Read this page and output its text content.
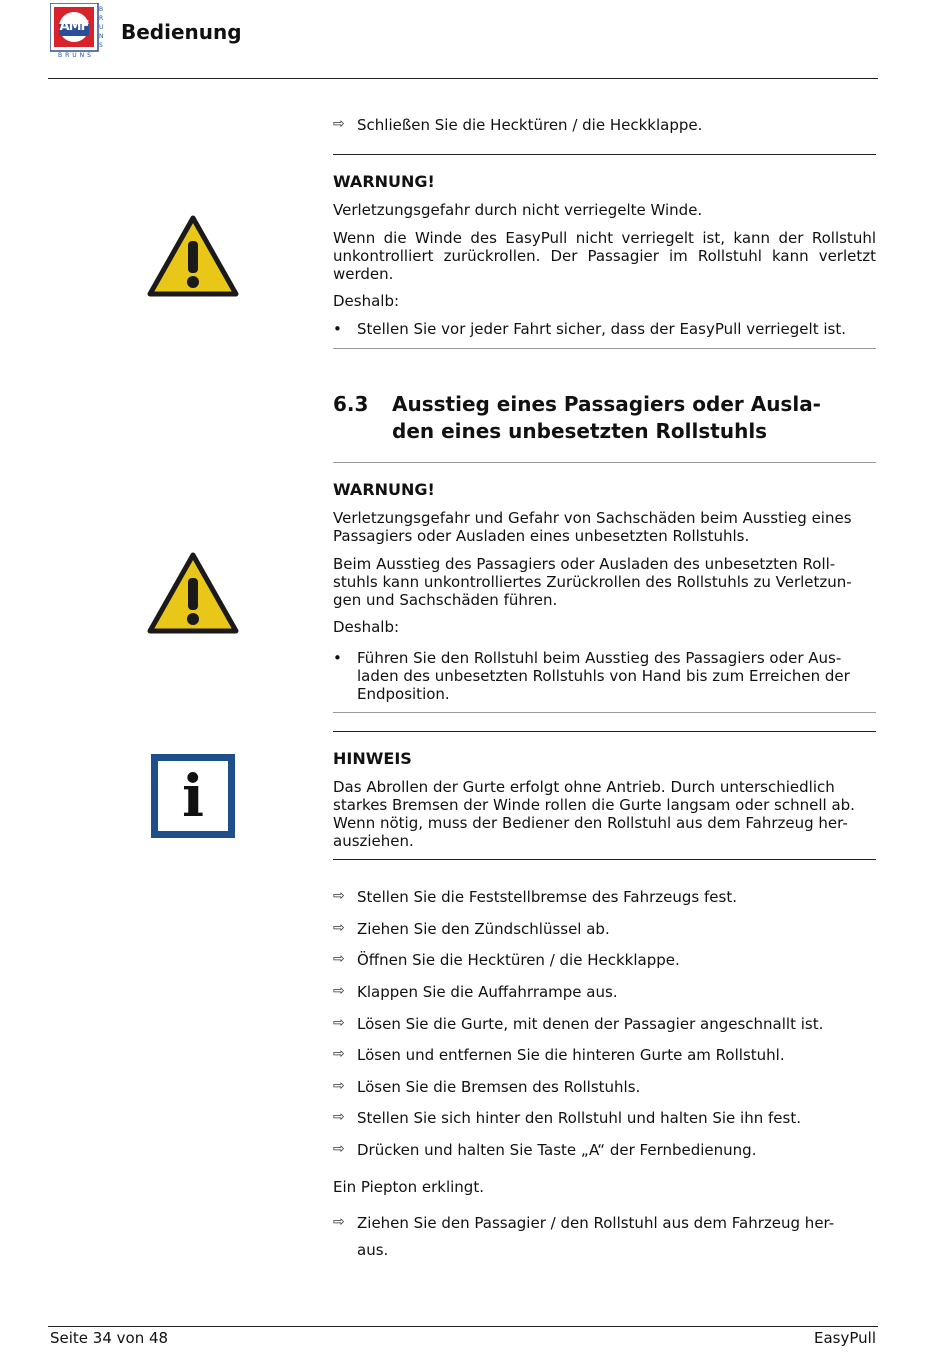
AMF
BRUNS
BRUNS
Bedienung
⇨ Schließen Sie die Hecktüren / die Heckklappe.
WARNUNG!
Verletzungsgefahr durch nicht verriegelte Winde.
Wenn die Winde des EasyPull nicht verriegelt ist, kann der Rollstuhl unkontrolliert zurückrollen. Der Passagier im Rollstuhl kann verletzt werden.
Deshalb:
• Stellen Sie vor jeder Fahrt sicher, dass der EasyPull verriegelt ist.
6.3 Ausstieg eines Passagiers oder Ausla-
den eines unbesetzten Rollstuhls
WARNUNG!
Verletzungsgefahr und Gefahr von Sachschäden beim Ausstieg eines
Passagiers oder Ausladen eines unbesetzten Rollstuhls.
Beim Ausstieg des Passagiers oder Ausladen des unbesetzten Roll-
stuhls kann unkontrolliertes Zurückrollen des Rollstuhls zu Verletzun-
gen und Sachschäden führen.
Deshalb:
• Führen Sie den Rollstuhl beim Ausstieg des Passagiers oder Aus-
laden des unbesetzten Rollstuhls von Hand bis zum Erreichen der
Endposition.
i
HINWEIS
Das Abrollen der Gurte erfolgt ohne Antrieb. Durch unterschiedlich
starkes Bremsen der Winde rollen die Gurte langsam oder schnell ab.
Wenn nötig, muss der Bediener den Rollstuhl aus dem Fahrzeug her-
ausziehen.
⇨ Stellen Sie die Feststellbremse des Fahrzeugs fest.
⇨ Ziehen Sie den Zündschlüssel ab.
⇨ Öffnen Sie die Hecktüren / die Heckklappe.
⇨ Klappen Sie die Auffahrrampe aus.
⇨ Lösen Sie die Gurte, mit denen der Passagier angeschnallt ist.
⇨ Lösen und entfernen Sie die hinteren Gurte am Rollstuhl.
⇨ Lösen Sie die Bremsen des Rollstuhls.
⇨ Stellen Sie sich hinter den Rollstuhl und halten Sie ihn fest.
⇨ Drücken und halten Sie Taste „A“ der Fernbedienung.
Ein Piepton erklingt.
⇨ Ziehen Sie den Passagier / den Rollstuhl aus dem Fahrzeug her-
aus.
Seite 34 von 48	EasyPull
